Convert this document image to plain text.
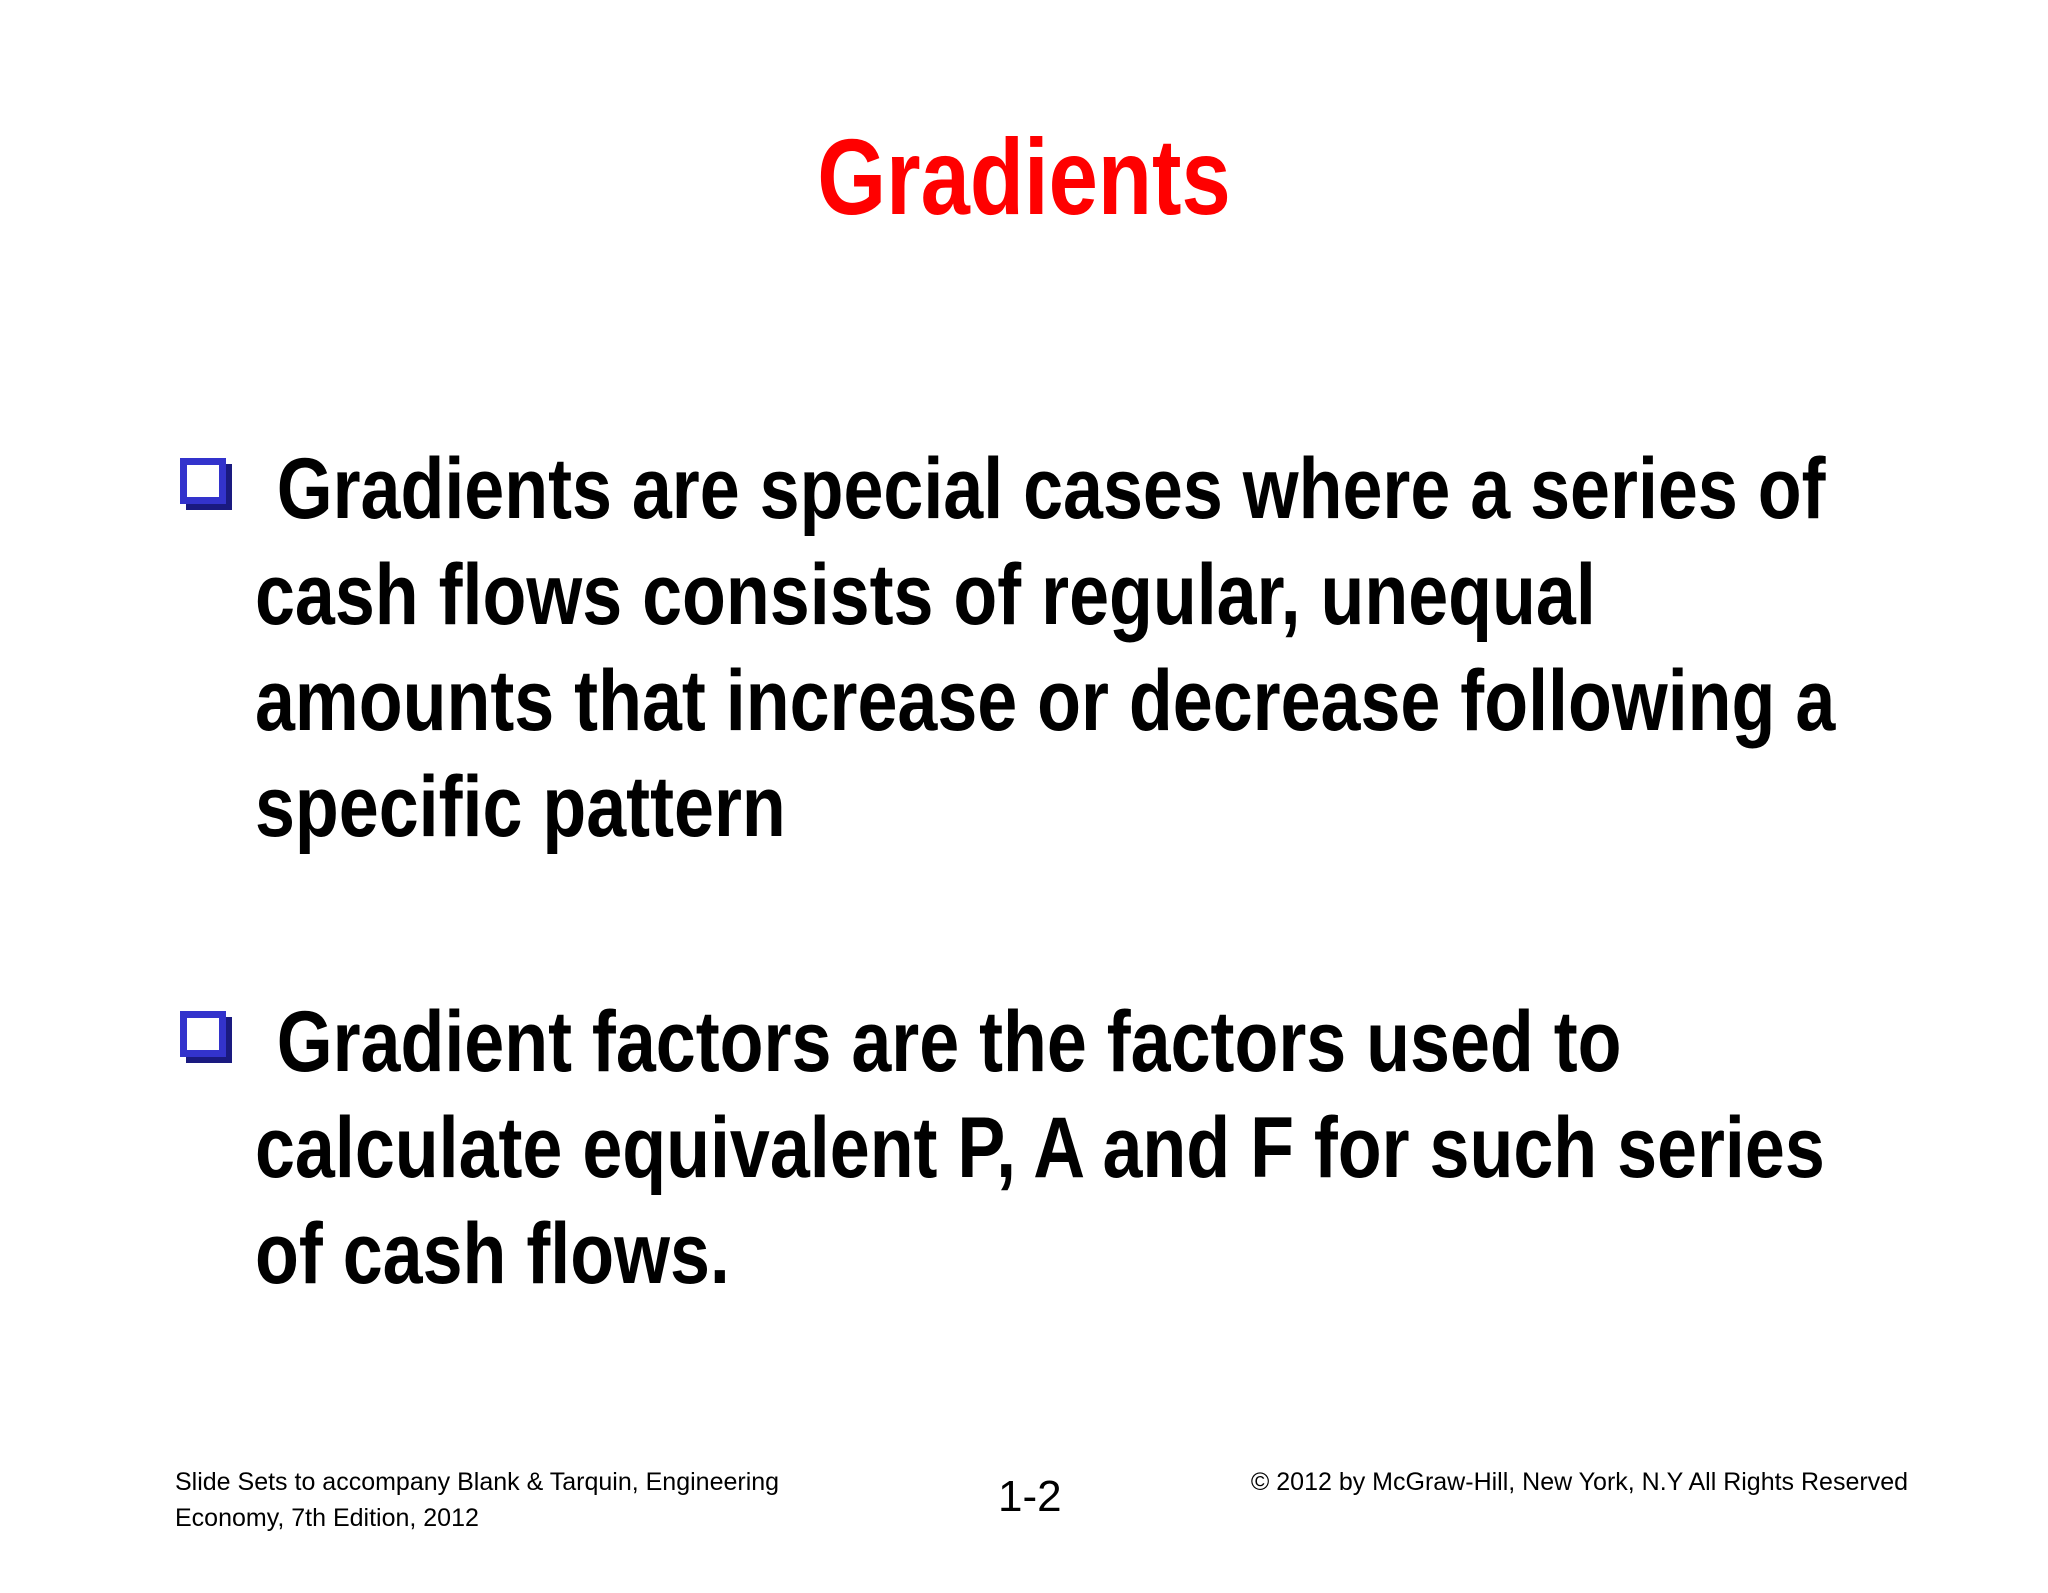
Gradients
Gradients are special cases where a series of
cash flows consists of regular, unequal
amounts that increase or decrease following a
specific pattern
Gradient factors are the factors used to
calculate equivalent P, A and F for such series
of cash flows.
Slide Sets to accompany Blank & Tarquin, Engineering
Economy, 7th Edition, 2012	1-2	© 2012 by McGraw-Hill, New York, N.Y All Rights Reserved
